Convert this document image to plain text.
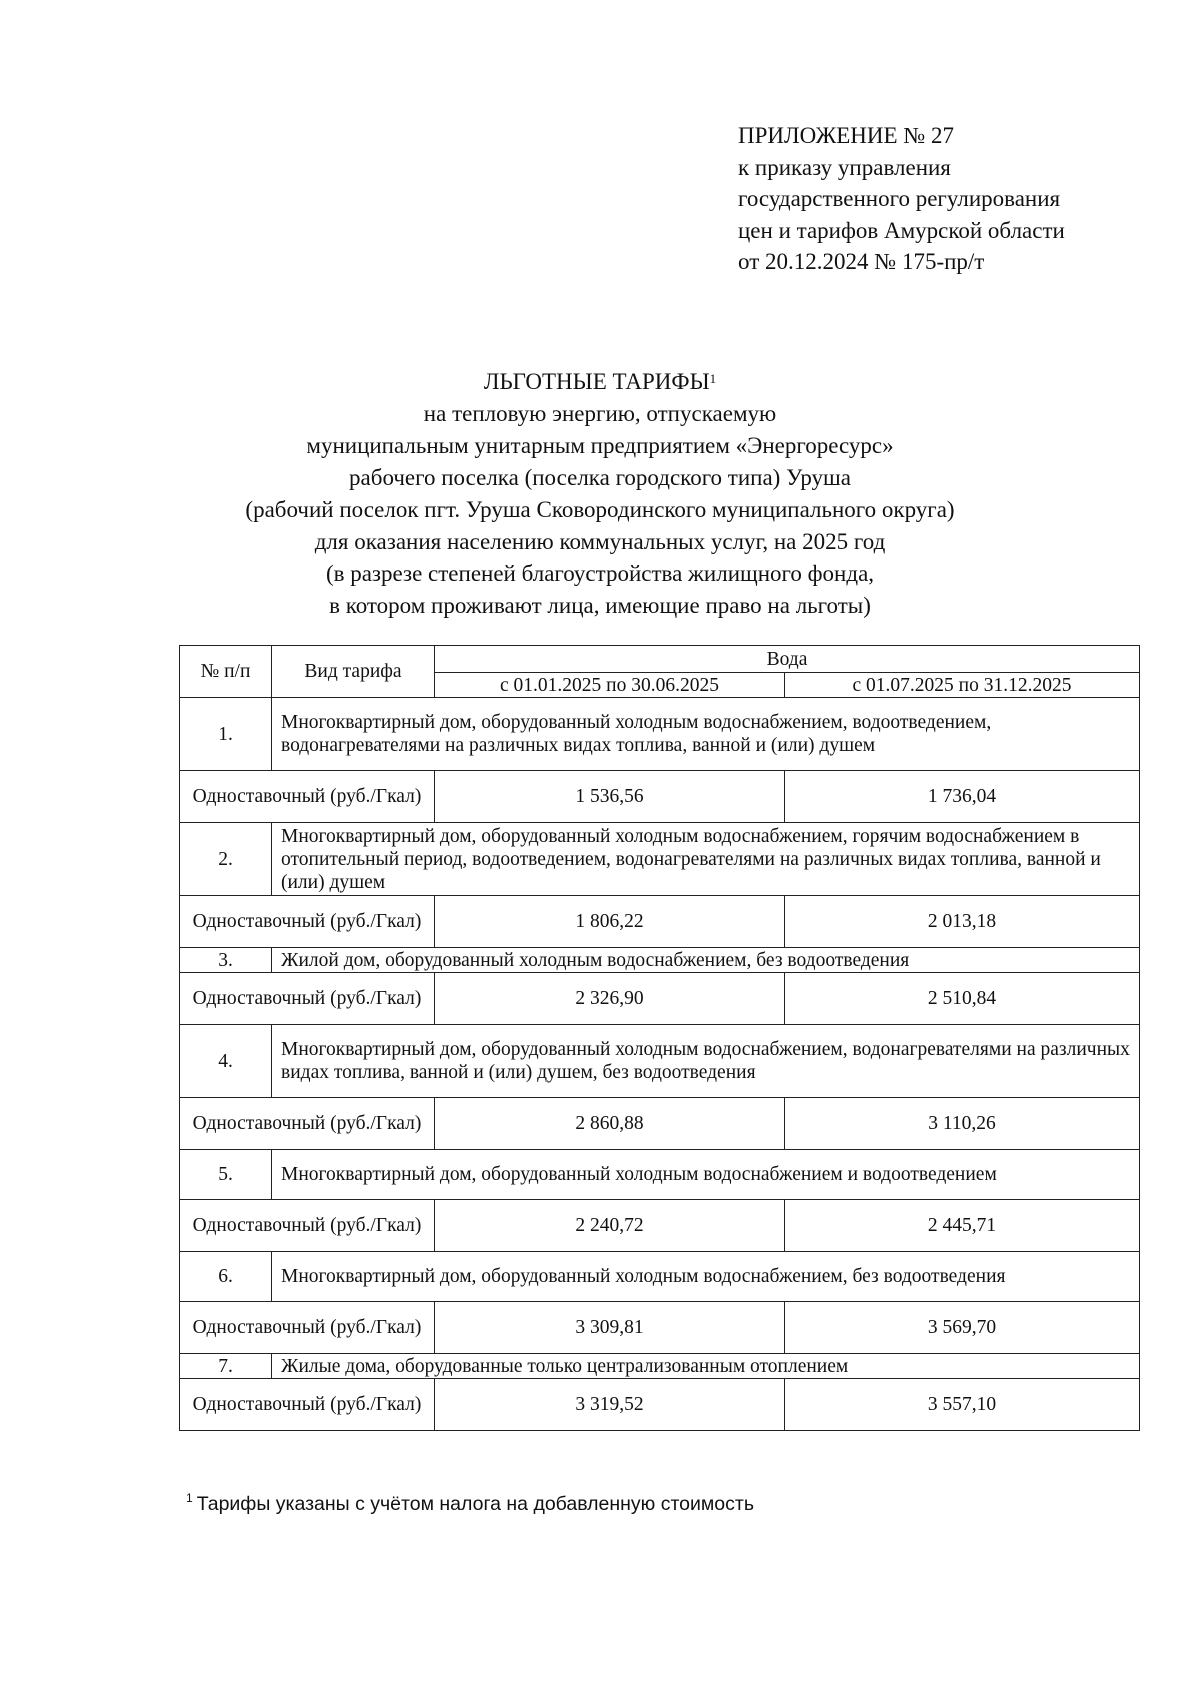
ПРИЛОЖЕНИЕ № 27
к приказу управления
государственного регулирования
цен и тарифов Амурской области
от 20.12.2024 № 175-пр/т
ЛЬГОТНЫЕ ТАРИФЫ$^1$
на тепловую энергию, отпускаемую
муниципальным унитарным предприятием «Энергоресурс»
рабочего поселка (поселка городского типа) Уруша
(рабочий поселок пгт. Уруша Сковородинского муниципального округа)
для оказания населению коммунальных услуг, на 2025 год
(в разрезе степеней благоустройства жилищного фонда,
в котором проживают лица, имеющие право на льготы)
№ п/п	Вид тарифа	Вода	
		с 01.01.2025 по 30.06.2025	с 01.07.2025 по 31.12.2025
1.	Многоквартирный дом, оборудованный холодным водоснабжением, водоотведением, водонагревателями на различных видах топлива, ванной и (или) душем		
Одноставочный (руб./Гкал)		1 536,56	1 736,04
2.	Многоквартирный дом, оборудованный холодным водоснабжением, горячим водоснабжением в отопительный период, водоотведением, водонагревателями на различных видах топлива, ванной и (или) душем		
Одноставочный (руб./Гкал)		1 806,22	2 013,18
3.	Жилой дом, оборудованный холодным водоснабжением, без водоотведения		
Одноставочный (руб./Гкал)		2 326,90	2 510,84
4.	Многоквартирный дом, оборудованный холодным водоснабжением, водонагревателями на различных видах топлива, ванной и (или) душем, без водоотведения		
Одноставочный (руб./Гкал)		2 860,88	3 110,26
5.	Многоквартирный дом, оборудованный холодным водоснабжением и водоотведением		
Одноставочный (руб./Гкал)		2 240,72	2 445,71
6.	Многоквартирный дом, оборудованный холодным водоснабжением, без водоотведения		
Одноставочный (руб./Гкал)		3 309,81	3 569,70
7.	Жилые дома, оборудованные только централизованным отоплением		
Одноставочный (руб./Гкал)		3 319,52	3 557,10
$^1$ Тарифы указаны с учётом налога на добавленную стоимость
